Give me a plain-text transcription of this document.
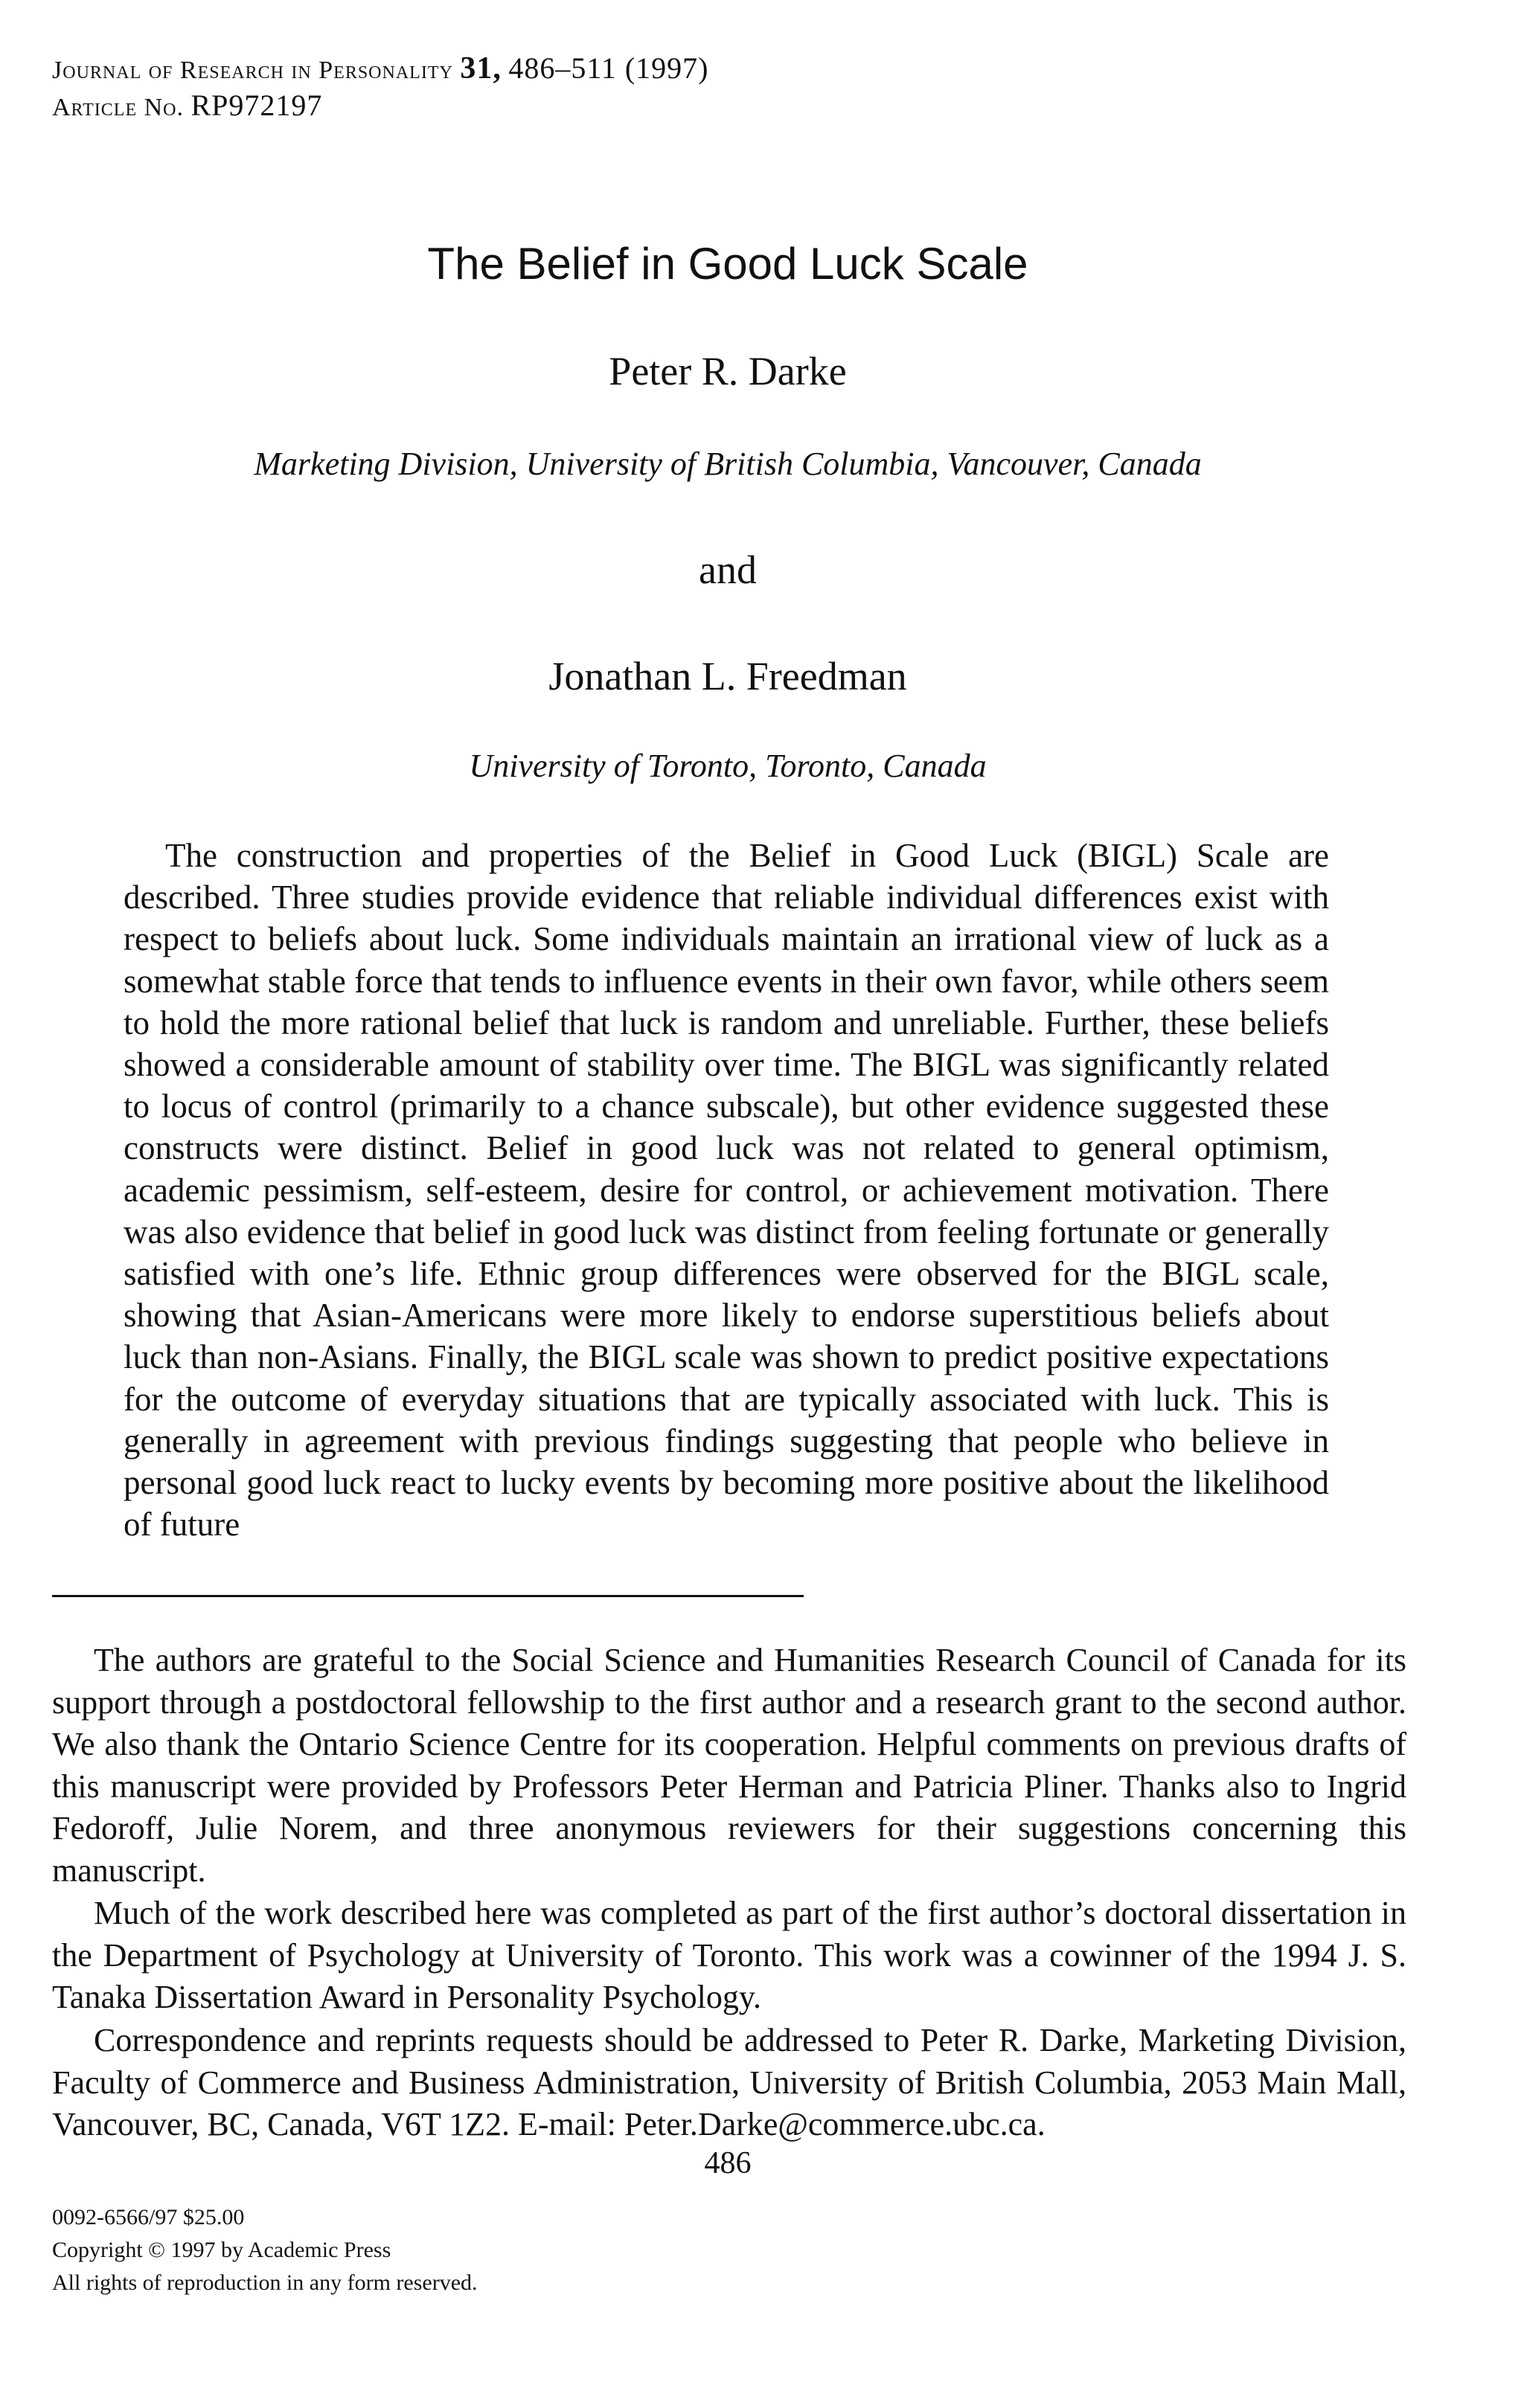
Journal of Research in Personality 31, 486–511 (1997)
Article No. RP972197
The Belief in Good Luck Scale
Peter R. Darke
Marketing Division, University of British Columbia, Vancouver, Canada
and
Jonathan L. Freedman
University of Toronto, Toronto, Canada

The construction and properties of the Belief in Good Luck (BIGL) Scale are described. Three studies provide evidence that reliable individual differences exist with respect to beliefs about luck. Some individuals maintain an irrational view of luck as a somewhat stable force that tends to influence events in their own favor, while others seem to hold the more rational belief that luck is random and unreliable. Further, these beliefs showed a considerable amount of stability over time. The BIGL was significantly related to locus of control (primarily to a chance subscale), but other evidence suggested these constructs were distinct. Belief in good luck was not related to general optimism, academic pessimism, self-esteem, desire for control, or achievement motivation. There was also evidence that belief in good luck was distinct from feeling fortunate or generally satisfied with one’s life. Ethnic group differences were observed for the BIGL scale, showing that Asian-Americans were more likely to endorse superstitious beliefs about luck than non-Asians. Finally, the BIGL scale was shown to predict positive expectations for the outcome of everyday situations that are typically associated with luck. This is generally in agreement with previous findings suggesting that people who believe in personal good luck react to lucky events by becoming more positive about the likelihood of future

The authors are grateful to the Social Science and Humanities Research Council of Canada for its support through a postdoctoral fellowship to the first author and a research grant to the second author. We also thank the Ontario Science Centre for its cooperation. Helpful comments on previous drafts of this manuscript were provided by Professors Peter Herman and Patricia Pliner. Thanks also to Ingrid Fedoroff, Julie Norem, and three anonymous reviewers for their suggestions concerning this manuscript.

Much of the work described here was completed as part of the first author’s doctoral dissertation in the Department of Psychology at University of Toronto. This work was a cowinner of the 1994 J. S. Tanaka Dissertation Award in Personality Psychology.

Correspondence and reprints requests should be addressed to Peter R. Darke, Marketing Division, Faculty of Commerce and Business Administration, University of British Columbia, 2053 Main Mall, Vancouver, BC, Canada, V6T 1Z2. E-mail: Peter.Darke@commerce.ubc.ca.

486
0092-6566/97 $25.00
Copyright © 1997 by Academic Press
All rights of reproduction in any form reserved.
